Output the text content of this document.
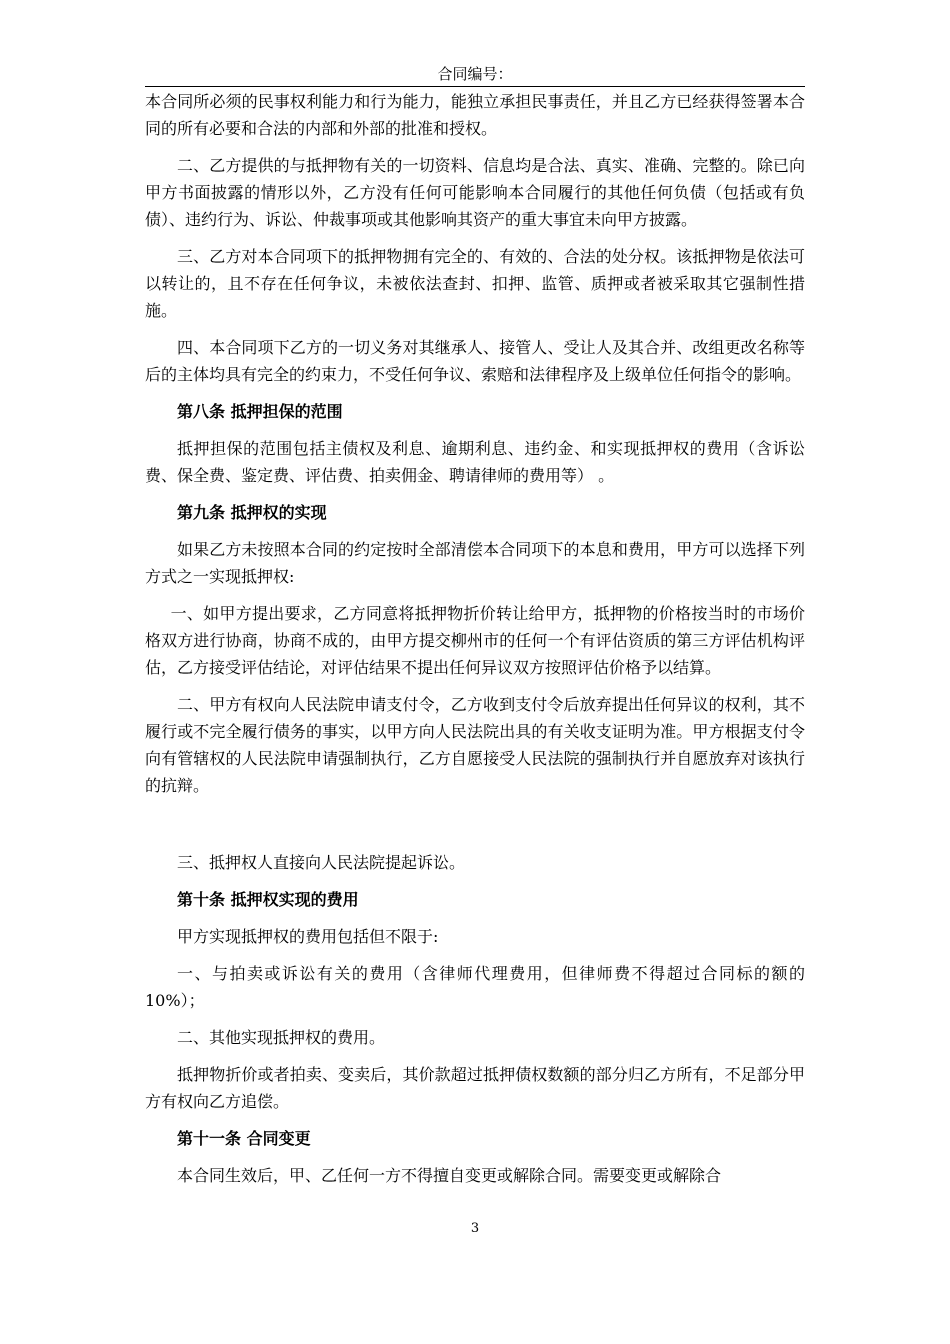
合同编号：

本合同所必须的民事权利能力和行为能力，能独立承担民事责任，并且乙方已经获得签署本合同的所有必要和合法的内部和外部的批准和授权。

二、乙方提供的与抵押物有关的一切资料、信息均是合法、真实、准确、完整的。除已向甲方书面披露的情形以外，乙方没有任何可能影响本合同履行的其他任何负债（包括或有负债）、违约行为、诉讼、仲裁事项或其他影响其资产的重大事宜未向甲方披露。

三、乙方对本合同项下的抵押物拥有完全的、有效的、合法的处分权。该抵押物是依法可以转让的，且不存在任何争议，未被依法查封、扣押、监管、质押或者被采取其它强制性措施。

四、本合同项下乙方的一切义务对其继承人、接管人、受让人及其合并、改组更改名称等后的主体均具有完全的约束力，不受任何争议、索赔和法律程序及上级单位任何指令的影响。

第八条 抵押担保的范围

抵押担保的范围包括主债权及利息、逾期利息、违约金、和实现抵押权的费用（含诉讼费、保全费、鉴定费、评估费、拍卖佣金、聘请律师的费用等） 。

第九条 抵押权的实现

如果乙方未按照本合同的约定按时全部清偿本合同项下的本息和费用，甲方可以选择下列方式之一实现抵押权:

一、如甲方提出要求，乙方同意将抵押物折价转让给甲方，抵押物的价格按当时的市场价格双方进行协商，协商不成的，由甲方提交柳州市的任何一个有评估资质的第三方评估机构评估，乙方接受评估结论，对评估结果不提出任何异议双方按照评估价格予以结算。

二、甲方有权向人民法院申请支付令，乙方收到支付令后放弃提出任何异议的权利，其不履行或不完全履行债务的事实，以甲方向人民法院出具的有关收支证明为准。甲方根据支付令向有管辖权的人民法院申请强制执行，乙方自愿接受人民法院的强制执行并自愿放弃对该执行的抗辩。

三、抵押权人直接向人民法院提起诉讼。

第十条 抵押权实现的费用

甲方实现抵押权的费用包括但不限于:

一、与拍卖或诉讼有关的费用（含律师代理费用，但律师费不得超过合同标的额的10%）；

二、其他实现抵押权的费用。

抵押物折价或者拍卖、变卖后，其价款超过抵押债权数额的部分归乙方所有，不足部分甲方有权向乙方追偿。

第十一条 合同变更

本合同生效后，甲、乙任何一方不得擅自变更或解除合同。需要变更或解除合

3
